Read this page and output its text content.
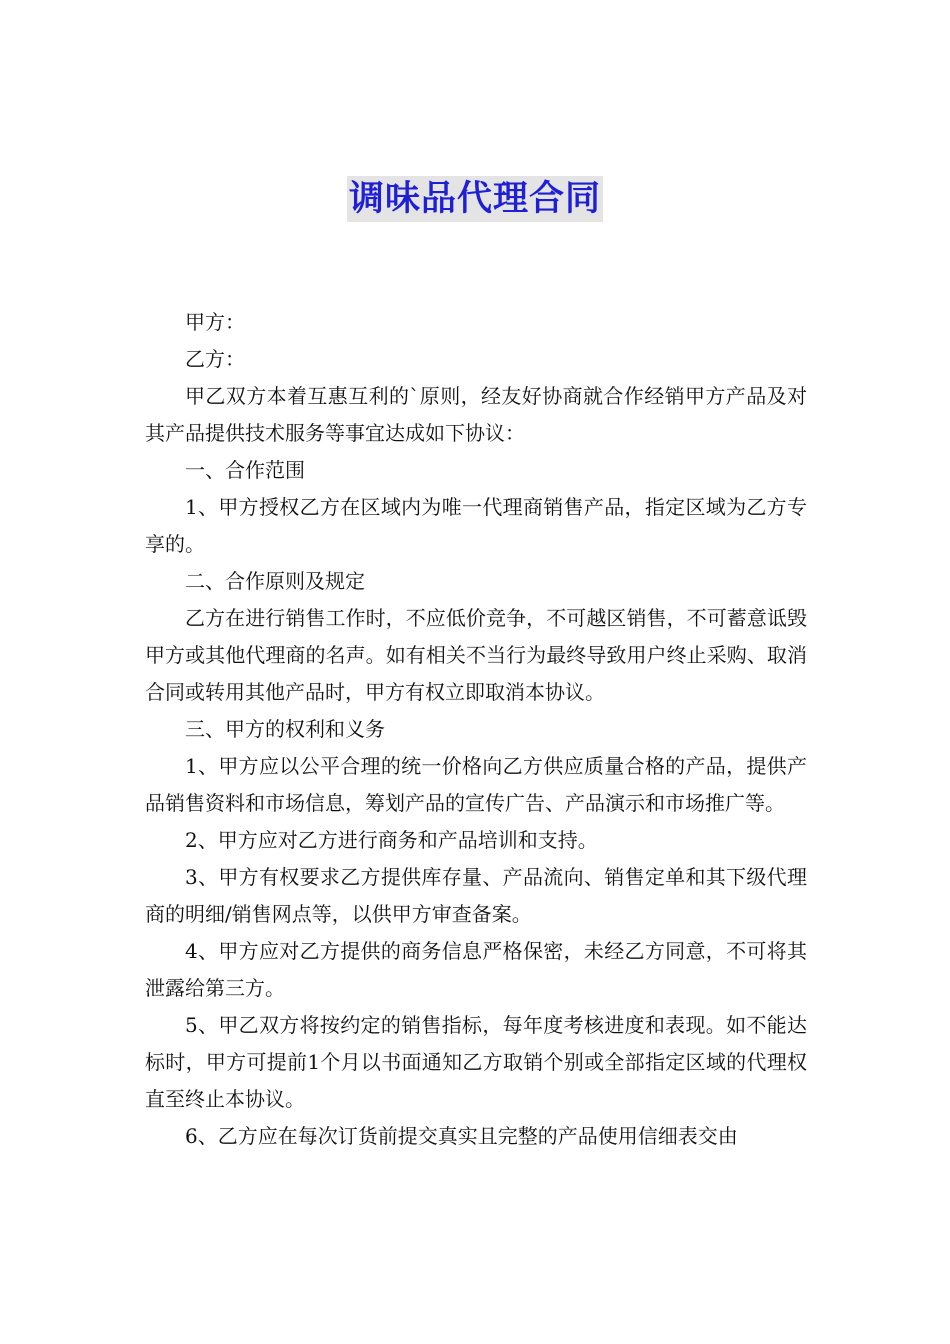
调味品代理合同

甲方：

乙方：

甲乙双方本着互惠互利的`原则，经友好协商就合作经销甲方产品及对其产品提供技术服务等事宜达成如下协议：

一、合作范围

1、甲方授权乙方在区域内为唯一代理商销售产品，指定区域为乙方专享的。

二、合作原则及规定

乙方在进行销售工作时，不应低价竞争，不可越区销售，不可蓄意诋毁甲方或其他代理商的名声。如有相关不当行为最终导致用户终止采购、取消合同或转用其他产品时，甲方有权立即取消本协议。

三、甲方的权利和义务

1、甲方应以公平合理的统一价格向乙方供应质量合格的产品，提供产品销售资料和市场信息，筹划产品的宣传广告、产品演示和市场推广等。

2、甲方应对乙方进行商务和产品培训和支持。

3、甲方有权要求乙方提供库存量、产品流向、销售定单和其下级代理商的明细/销售网点等，以供甲方审查备案。

4、甲方应对乙方提供的商务信息严格保密，未经乙方同意，不可将其泄露给第三方。

5、甲乙双方将按约定的销售指标，每年度考核进度和表现。如不能达标时，甲方可提前1个月以书面通知乙方取销个别或全部指定区域的代理权直至终止本协议。

6、乙方应在每次订货前提交真实且完整的产品使用信细表交由
